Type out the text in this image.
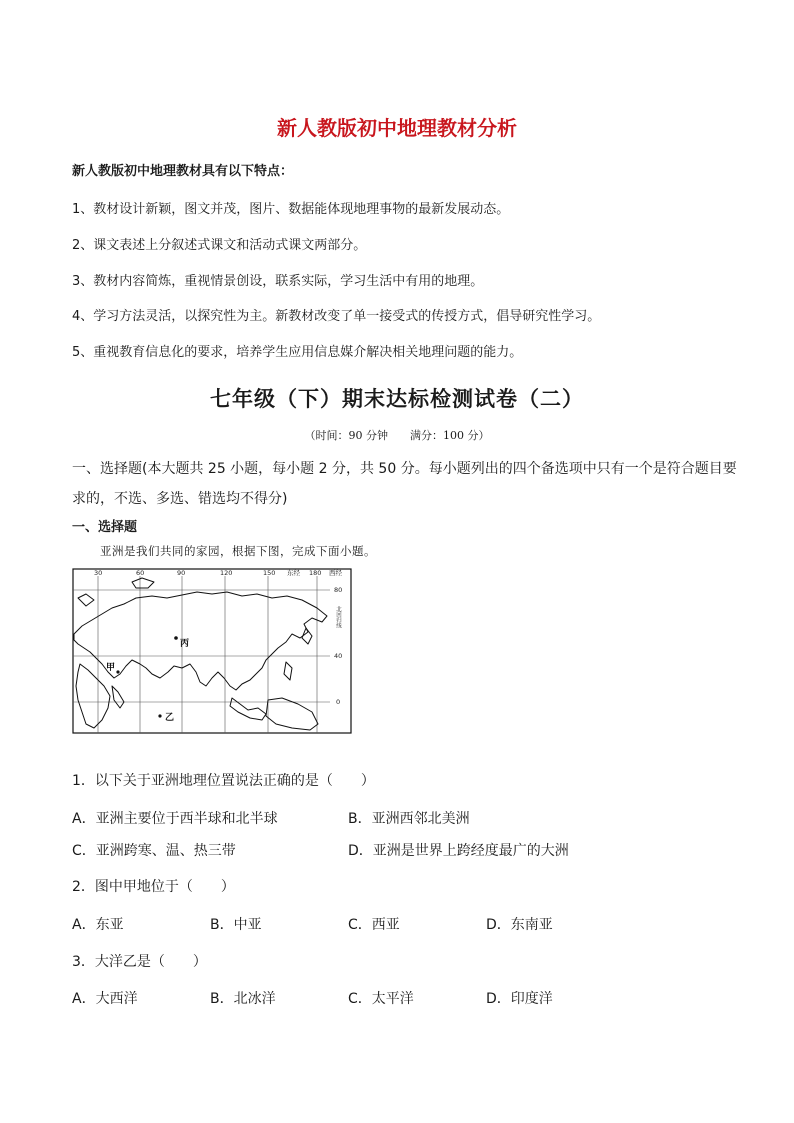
新人教版初中地理教材分析
新人教版初中地理教材具有以下特点：
1、教材设计新颖，图文并茂，图片、数据能体现地理事物的最新发展动态。
2、课文表述上分叙述式课文和活动式课文两部分。
3、教材内容简炼，重视情景创设，联系实际，学习生活中有用的地理。
4、学习方法灵活，以探究性为主。新教材改变了单一接受式的传授方式，倡导研究性学习。
5、重视教育信息化的要求，培养学生应用信息媒介解决相关地理问题的能力。
七年级（下）期末达标检测试卷（二）
（时间：90 分钟　　满分：100 分）
一、选择题(本大题共 25 小题，每小题 2 分，共 50 分。每小题列出的四个备选项中只有一个是符合题目要
求的，不选、多选、错选均不得分)
一、选择题
亚洲是我们共同的家园，根据下图，完成下面小题。
30	60	90	120	150 东经 180 西经
80
40
0
北回归线
丙
甲
乙
1．以下关于亚洲地理位置说法正确的是（　　）
A．亚洲主要位于西半球和北半球	B．亚洲西邻北美洲
C．亚洲跨寒、温、热三带	D．亚洲是世界上跨经度最广的大洲
2．图中甲地位于（　　）
A．东亚	B．中亚	C．西亚	D．东南亚
3．大洋乙是（　　）
A．大西洋	B．北冰洋	C．太平洋	D．印度洋
